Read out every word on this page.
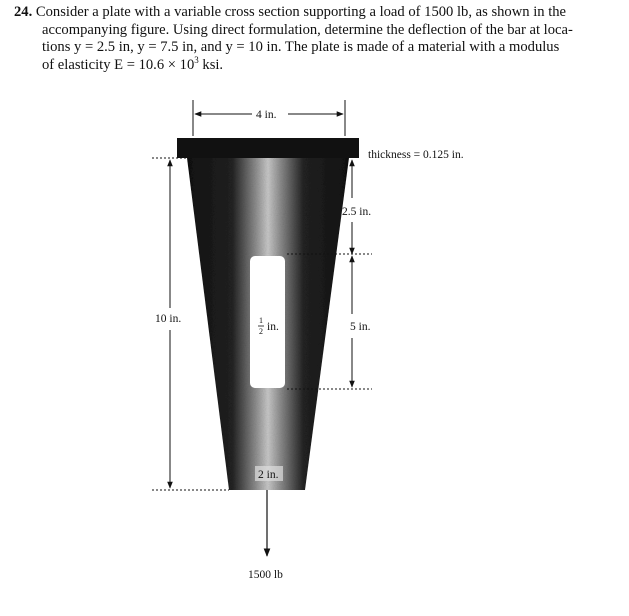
24. Consider a plate with a variable cross section supporting a load of 1500 lb, as shown in the

accompanying figure. Using direct formulation, determine the deflection of the bar at loca-

tions y = 2.5 in, y = 7.5 in, and y = 10 in. The plate is made of a material with a modulus

of elasticity $E = 10.6 \times 10^3$ ksi.

4 in.
thickness = 0.125 in.
10 in.
2.5 in.
5 in.
1
2 in.
2 in.
1500 lb
